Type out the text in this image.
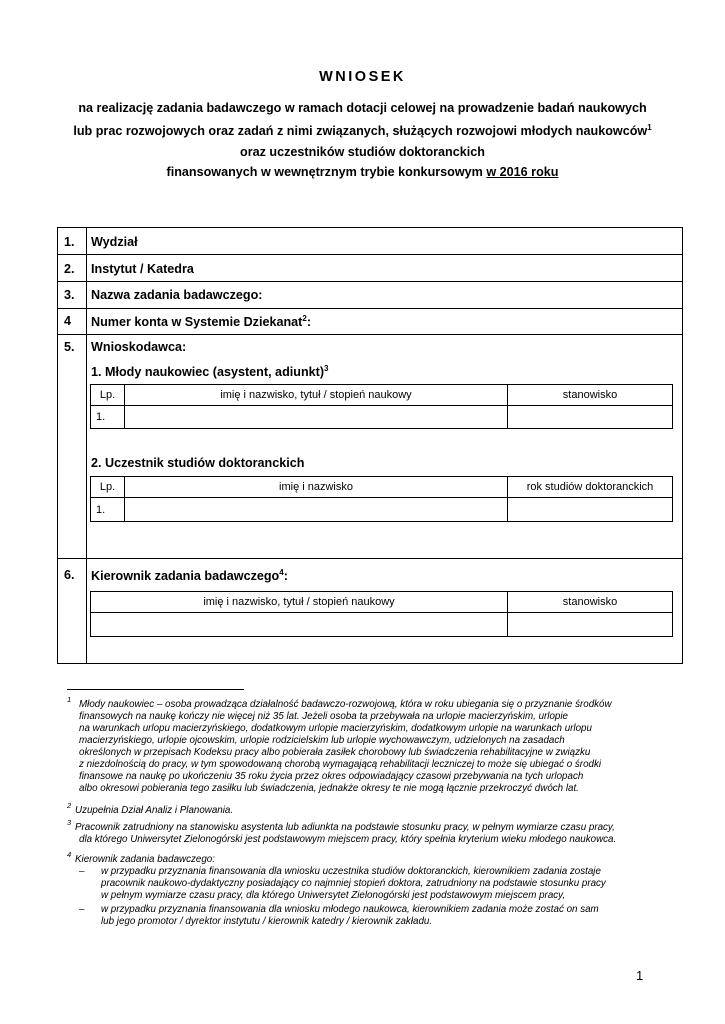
WNIOSEK
na realizację zadania badawczego w ramach dotacji celowej na prowadzenie badań naukowych
lub prac rozwojowych oraz zadań z nimi związanych, służących rozwojowi młodych naukowców$^1$
oraz uczestników studiów doktoranckich
finansowanych w wewnętrznym trybie konkursowym w 2016 roku
1. Wydział
2. Instytut / Katedra
3. Nazwa zadania badawczego:
4 Numer konta w Systemie Dziekanat$^2$:
5. Wnioskodawca:
1. Młody naukowiec (asystent, adiunkt)$^3$
Lp.	imię i nazwisko, tytuł / stopień naukowy	stanowisko
1.		
2. Uczestnik studiów doktoranckich
Lp.	imię i nazwisko	rok studiów doktoranckich
1.		
6. Kierownik zadania badawczego$^4$:
imię i nazwisko, tytuł / stopień naukowy	stanowisko

1 Młody naukowiec – osoba prowadząca działalność badawczo-rozwojową, która w roku ubiegania się o przyznanie środków
finansowych na naukę kończy nie więcej niż 35 lat. Jeżeli osoba ta przebywała na urlopie macierzyńskim, urlopie
na warunkach urlopu macierzyńskiego, dodatkowym urlopie macierzyńskim, dodatkowym urlopie na warunkach urlopu
macierzyńskiego, urlopie ojcowskim, urlopie rodzicielskim lub urlopie wychowawczym, udzielonych na zasadach
określonych w przepisach Kodeksu pracy albo pobierała zasiłek chorobowy lub świadczenia rehabilitacyjne w związku
z niezdolnością do pracy, w tym spowodowaną chorobą wymagającą rehabilitacji leczniczej to może się ubiegać o środki
finansowe na naukę po ukończeniu 35 roku życia przez okres odpowiadający czasowi przebywania na tych urlopach
albo okresowi pobierania tego zasiłku lub świadczenia, jednakże okresy te nie mogą łącznie przekroczyć dwóch lat.
2 Uzupełnia Dział Analiz i Planowania.
3 Pracownik zatrudniony na stanowisku asystenta lub adiunkta na podstawie stosunku pracy, w pełnym wymiarze czasu pracy,
dla którego Uniwersytet Zielonogórski jest podstawowym miejscem pracy, który spełnia kryterium wieku młodego naukowca.
4 Kierownik zadania badawczego:
– w przypadku przyznania finansowania dla wniosku uczestnika studiów doktoranckich, kierownikiem zadania zostaje
pracownik naukowo-dydaktyczny posiadający co najmniej stopień doktora, zatrudniony na podstawie stosunku pracy
w pełnym wymiarze czasu pracy, dla którego Uniwersytet Zielonogórski jest podstawowym miejscem pracy,
– w przypadku przyznania finansowania dla wniosku młodego naukowca, kierownikiem zadania może zostać on sam
lub jego promotor / dyrektor instytutu / kierownik katedry / kierownik zakładu.
1
